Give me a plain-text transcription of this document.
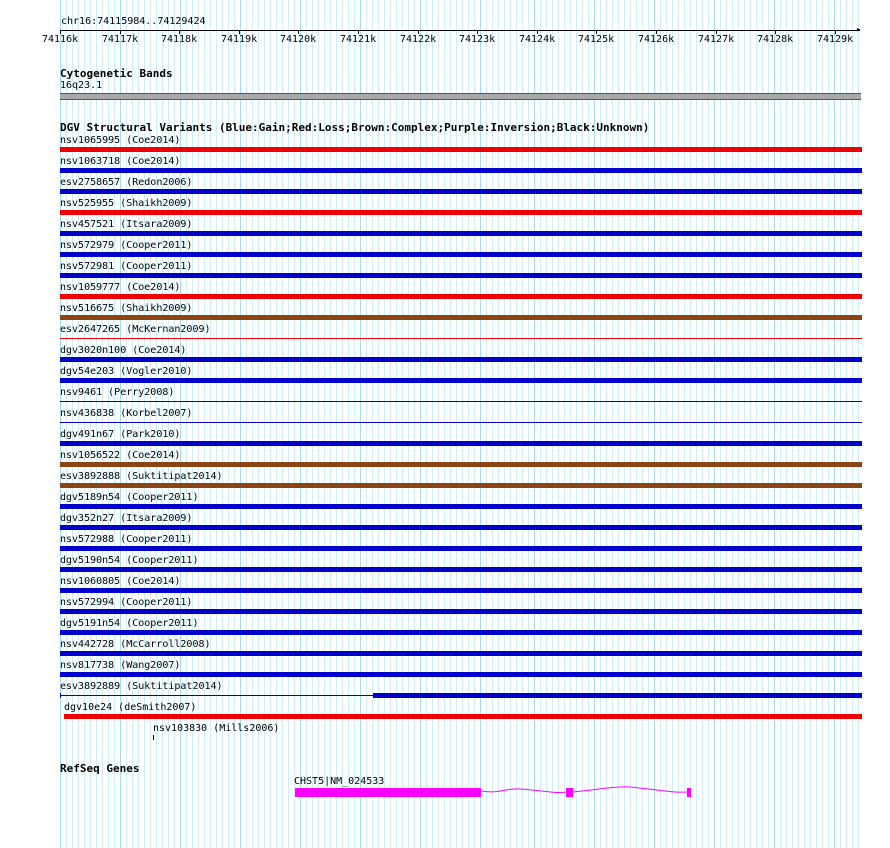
chr16:74115984..74129424
▸
74116k 74117k 74118k 74119k 74120k 74121k 74122k 74123k 74124k 74125k 74126k 74127k 74128k 74129k
Cytogenetic Bands
16q23.1
DGV Structural Variants (Blue:Gain;Red:Loss;Brown:Complex;Purple:Inversion;Black:Unknown)
nsv1065995 (Coe2014)
nsv1063718 (Coe2014)
esv2758657 (Redon2006)
nsv525955 (Shaikh2009)
nsv457521 (Itsara2009)
nsv572979 (Cooper2011)
nsv572981 (Cooper2011)
nsv1059777 (Coe2014)
nsv516675 (Shaikh2009)
esv2647265 (McKernan2009)
dgv3020n100 (Coe2014)
dgv54e203 (Vogler2010)
nsv9461 (Perry2008)
nsv436838 (Korbel2007)
dgv491n67 (Park2010)
nsv1056522 (Coe2014)
esv3892888 (Suktitipat2014)
dgv5189n54 (Cooper2011)
dgv352n27 (Itsara2009)
nsv572988 (Cooper2011)
dgv5190n54 (Cooper2011)
nsv1060805 (Coe2014)
nsv572994 (Cooper2011)
dgv5191n54 (Cooper2011)
nsv442728 (McCarroll2008)
nsv817738 (Wang2007)
esv3892889 (Suktitipat2014)
dgv10e24 (deSmith2007)
nsv103830 (Mills2006)
RefSeq Genes
CHST5|NM_024533
